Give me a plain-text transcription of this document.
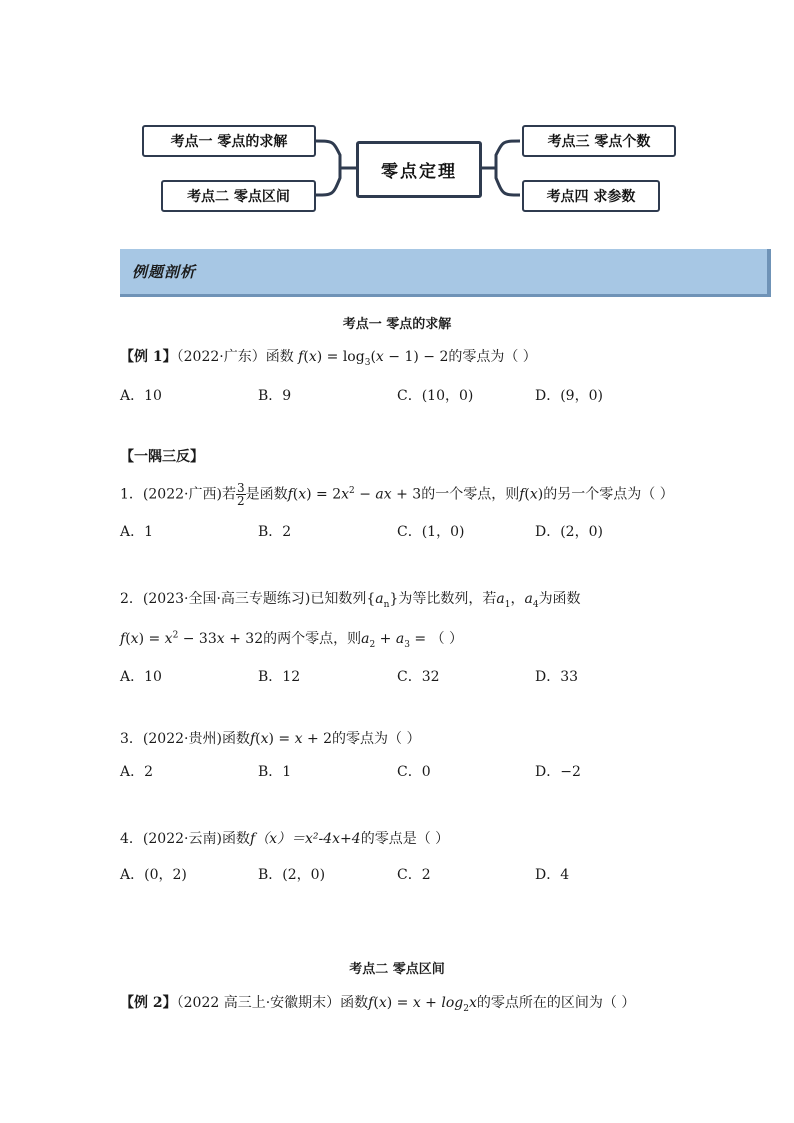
考点一 零点的求解
考点二 零点区间
零点定理
考点三 零点个数
考点四 求参数
例题剖析
考点一 零点的求解
【例 1】（2022·广东）函数 $f(x) = \log_3(x - 1) - 2$的零点为（ ）
A．10	B．9	C．(10，0)	D．(9，0)
【一隅三反】
1．(2022·广西)若 $\frac{3}{2}$ 是函数$f(x) = 2x^2$ − ax + 3的一个零点，则f(x)的另一个零点为（ ）
A．1	B．2	C．(1，0)	D．(2，0)
2．(2023·全国·高三专题练习)已知数列$\{a_n\}$为等比数列，若$a_1$，$a_4$为函数
$f(x) = x^2 - 33x + 32$的两个零点，则$a_2 + a_3$ = （ ）
A．10	B．12	C．32	D．33
3．(2022·贵州)函数f(x) = x + 2的零点为（ ）
A．2	B．1	C．0	D．−2
4．(2022·云南)函数f（x）＝x²-4x+4的零点是（ ）
A．(0，2)	B．(2，0)	C．2	D．4
考点二 零点区间
【例 2】（2022 高三上·安徽期末）函数$f(x) = x + \log_2x$的零点所在的区间为（ ）
